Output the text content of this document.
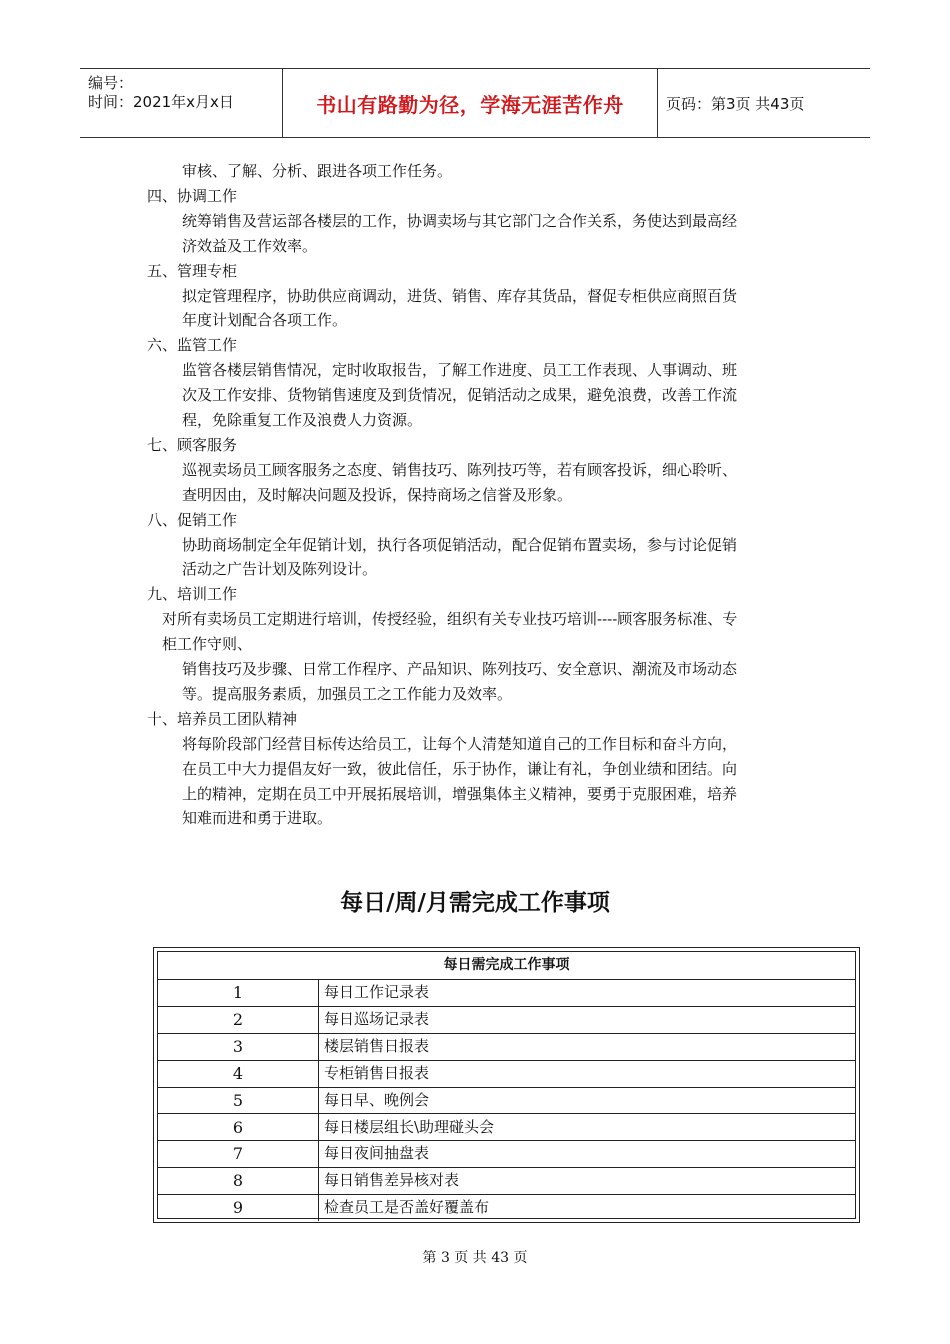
编号：
时间：2021年x月x日	书山有路勤为径，学海无涯苦作舟	页码：第3页 共43页
审核、了解、分析、跟进各项工作任务。
四、协调工作
统筹销售及营运部各楼层的工作，协调卖场与其它部门之合作关系，务使达到最高经
济效益及工作效率。
五、管理专柜
拟定管理程序，协助供应商调动，进货、销售、库存其货品，督促专柜供应商照百货
年度计划配合各项工作。
六、监管工作
监管各楼层销售情况，定时收取报告，了解工作进度、员工工作表现、人事调动、班
次及工作安排、货物销售速度及到货情况，促销活动之成果，避免浪费，改善工作流
程，免除重复工作及浪费人力资源。
七、顾客服务
巡视卖场员工顾客服务之态度、销售技巧、陈列技巧等，若有顾客投诉，细心聆听、
查明因由，及时解决问题及投诉，保持商场之信誉及形象。
八、促销工作
协助商场制定全年促销计划，执行各项促销活动，配合促销布置卖场，参与讨论促销
活动之广告计划及陈列设计。
九、培训工作
对所有卖场员工定期进行培训，传授经验，组织有关专业技巧培训----顾客服务标准、专
柜工作守则、
销售技巧及步骤、日常工作程序、产品知识、陈列技巧、安全意识、潮流及市场动态
等。提高服务素质，加强员工之工作能力及效率。
十、培养员工团队精神
将每阶段部门经营目标传达给员工，让每个人清楚知道自己的工作目标和奋斗方向，
在员工中大力提倡友好一致，彼此信任，乐于协作，谦让有礼，争创业绩和团结。向
上的精神，定期在员工中开展拓展培训，增强集体主义精神，要勇于克服困难，培养
知难而进和勇于进取。
每日/周/月需完成工作事项
每日需完成工作事项
1	每日工作记录表
2	每日巡场记录表
3	楼层销售日报表
4	专柜销售日报表
5	每日早、晚例会
6	每日楼层组长\助理碰头会
7	每日夜间抽盘表
8	每日销售差异核对表
9	检查员工是否盖好覆盖布
第 3 页 共 43 页
